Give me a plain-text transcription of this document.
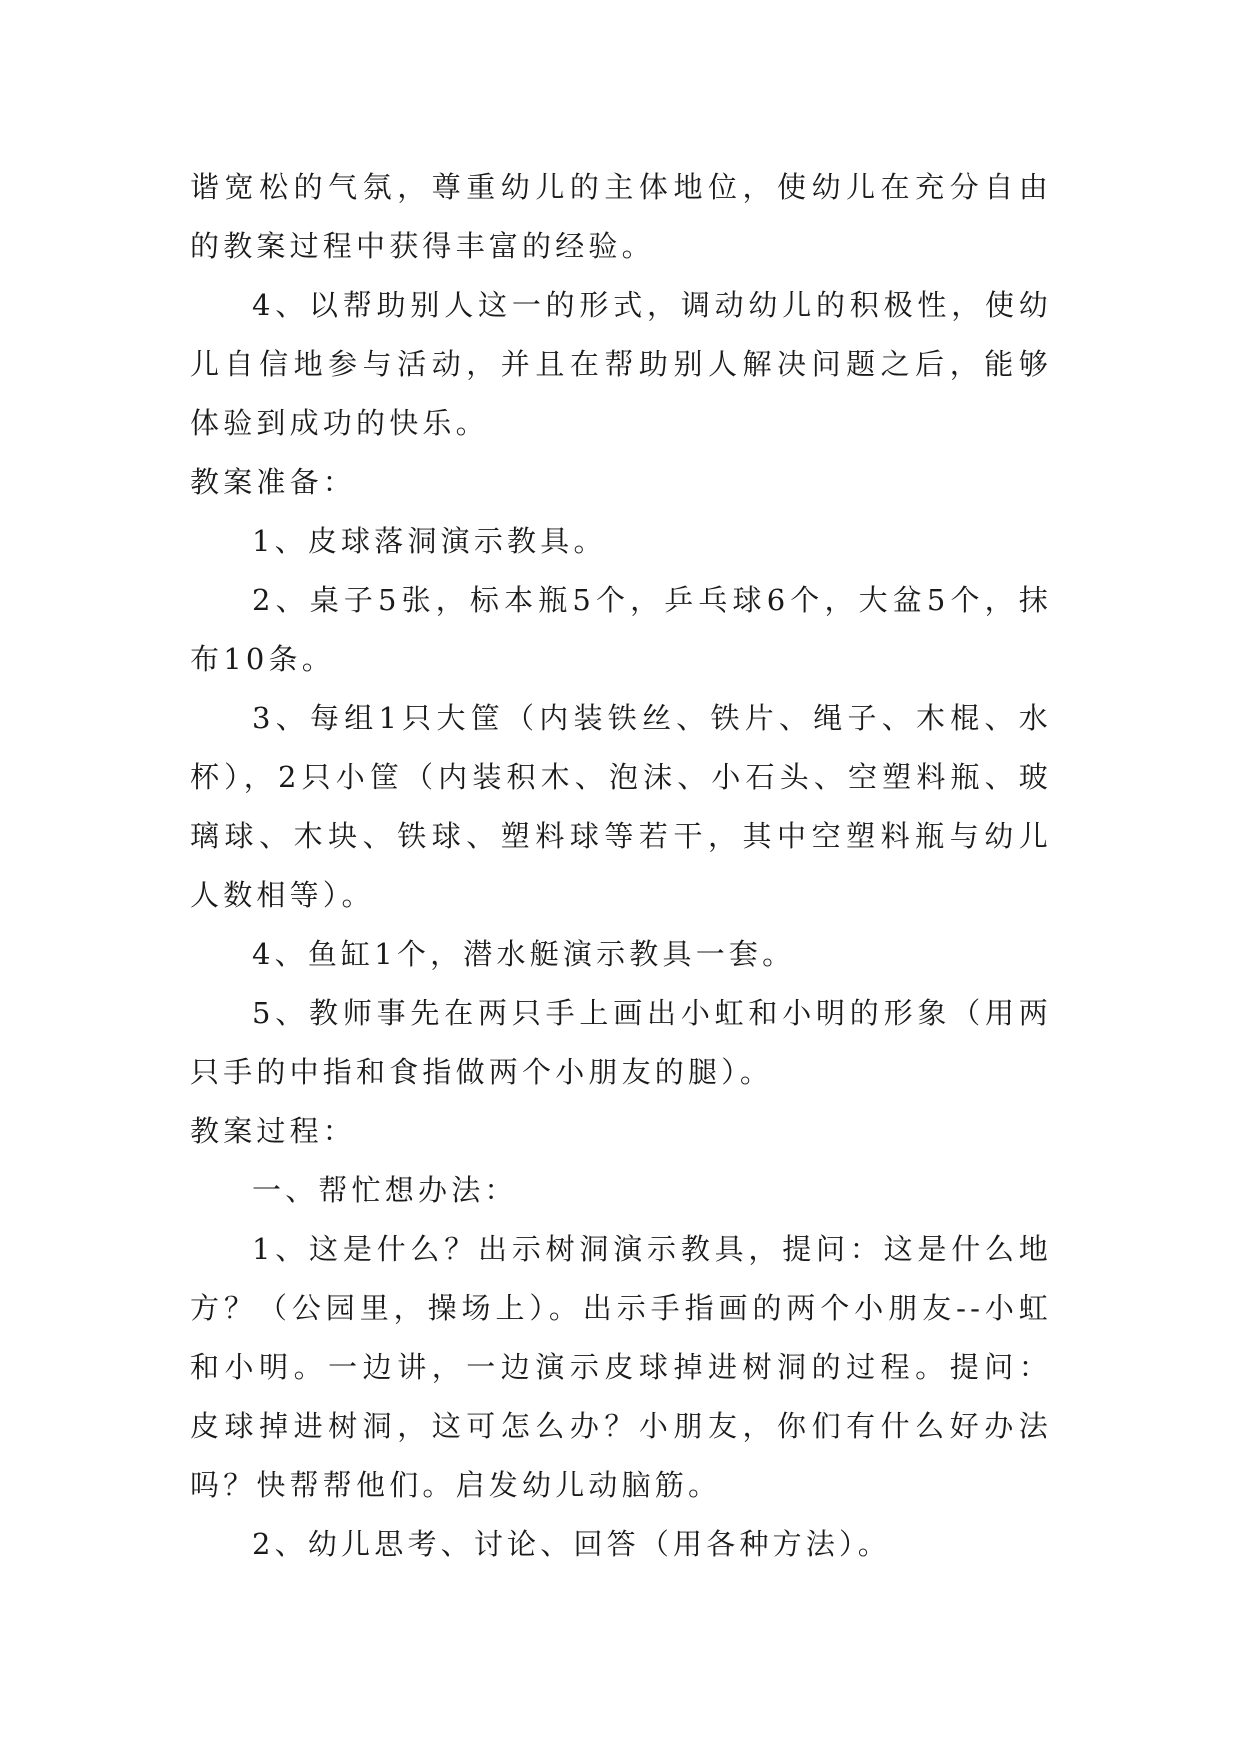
谐宽松的气氛，尊重幼儿的主体地位，使幼儿在充分自由的教案过程中获得丰富的经验。

4、以帮助别人这一的形式，调动幼儿的积极性，使幼儿自信地参与活动，并且在帮助别人解决问题之后，能够体验到成功的快乐。

教案准备：

1、皮球落洞演示教具。

2、桌子5张，标本瓶5个，乒乓球6个，大盆5个，抹布10条。

3、每组1只大筐（内装铁丝、铁片、绳子、木棍、水杯），2只小筐（内装积木、泡沫、小石头、空塑料瓶、玻璃球、木块、铁球、塑料球等若干，其中空塑料瓶与幼儿人数相等）。

4、鱼缸1个，潜水艇演示教具一套。

5、教师事先在两只手上画出小虹和小明的形象（用两只手的中指和食指做两个小朋友的腿）。

教案过程：

一、帮忙想办法：

1、这是什么？出示树洞演示教具，提问：这是什么地方？（公园里，操场上）。出示手指画的两个小朋友--小虹和小明。一边讲，一边演示皮球掉进树洞的过程。提问：皮球掉进树洞，这可怎么办？小朋友，你们有什么好办法吗？快帮帮他们。启发幼儿动脑筋。

2、幼儿思考、讨论、回答（用各种方法）。
